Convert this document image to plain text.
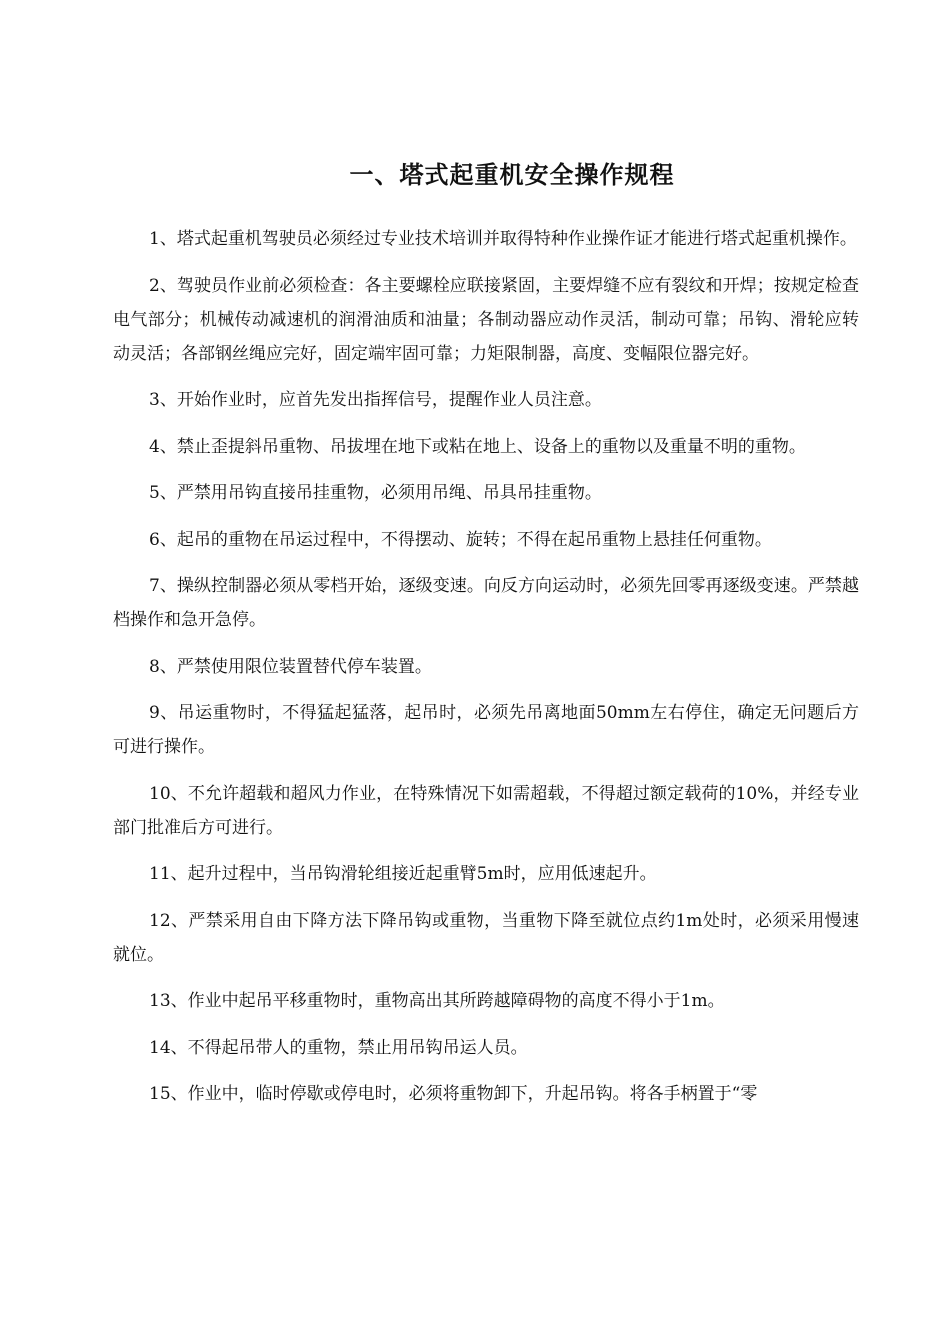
一、塔式起重机安全操作规程

1、塔式起重机驾驶员必须经过专业技术培训并取得特种作业操作证才能进行塔式起重机操作。

2、驾驶员作业前必须检查：各主要螺栓应联接紧固，主要焊缝不应有裂纹和开焊；按规定检查电气部分；机械传动减速机的润滑油质和油量；各制动器应动作灵活，制动可靠；吊钩、滑轮应转动灵活；各部钢丝绳应完好，固定端牢固可靠；力矩限制器，高度、变幅限位器完好。

3、开始作业时，应首先发出指挥信号，提醒作业人员注意。

4、禁止歪提斜吊重物、吊拔埋在地下或粘在地上、设备上的重物以及重量不明的重物。

5、严禁用吊钩直接吊挂重物，必须用吊绳、吊具吊挂重物。

6、起吊的重物在吊运过程中，不得摆动、旋转；不得在起吊重物上悬挂任何重物。

7、操纵控制器必须从零档开始，逐级变速。向反方向运动时，必须先回零再逐级变速。严禁越档操作和急开急停。

8、严禁使用限位装置替代停车装置。

9、吊运重物时，不得猛起猛落，起吊时，必须先吊离地面50mm左右停住，确定无问题后方可进行操作。

10、不允许超载和超风力作业，在特殊情况下如需超载，不得超过额定载荷的10%，并经专业部门批准后方可进行。

11、起升过程中，当吊钩滑轮组接近起重臂5m时，应用低速起升。

12、严禁采用自由下降方法下降吊钩或重物，当重物下降至就位点约1m处时，必须采用慢速就位。

13、作业中起吊平移重物时，重物高出其所跨越障碍物的高度不得小于1m。

14、不得起吊带人的重物，禁止用吊钩吊运人员。

15、作业中，临时停歇或停电时，必须将重物卸下，升起吊钩。将各手柄置于“零
